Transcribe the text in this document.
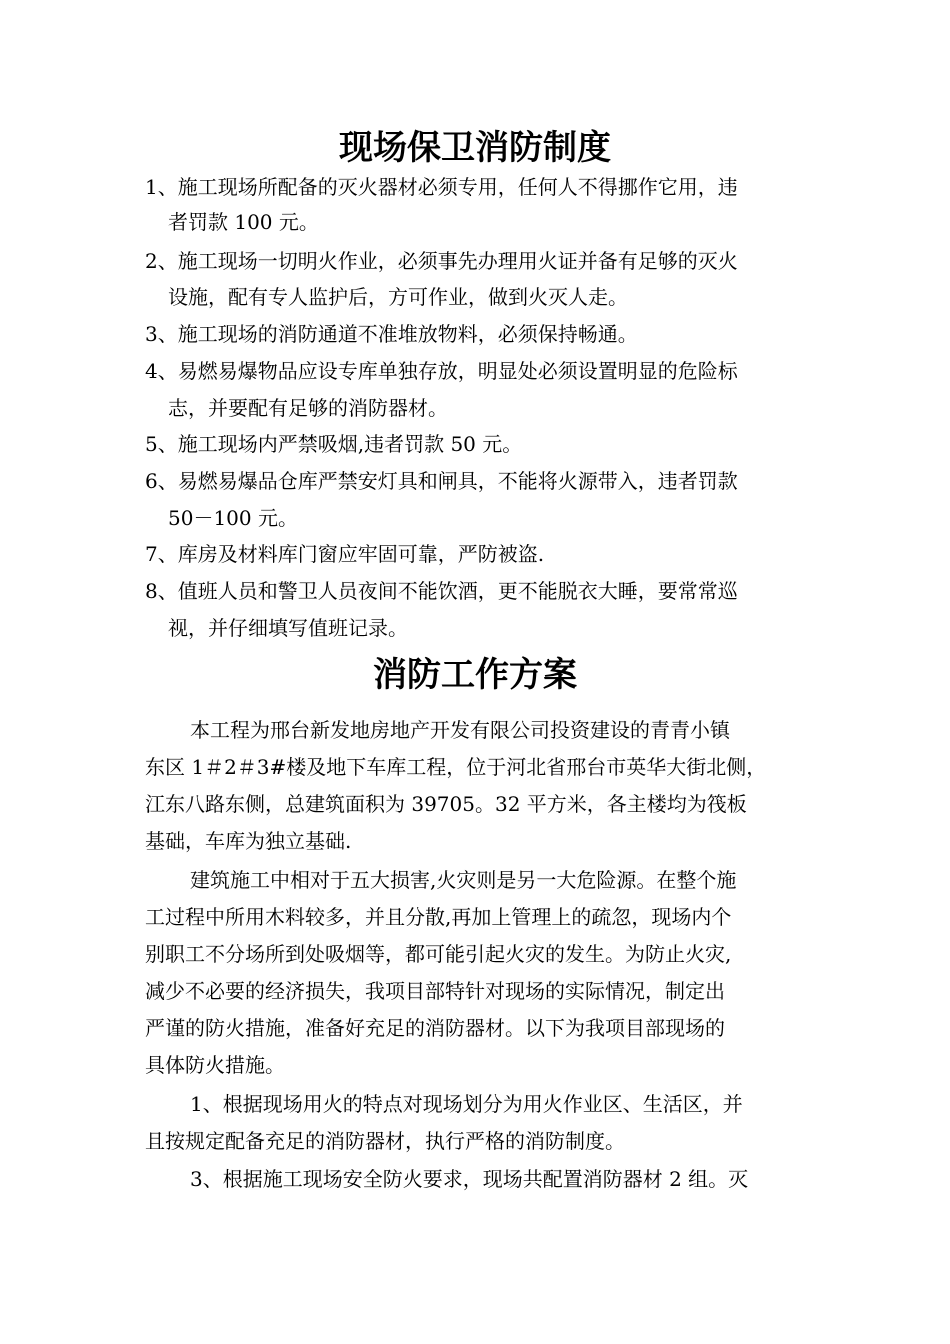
现场保卫消防制度
1、施工现场所配备的灭火器材必须专用，任何人不得挪作它用，违
者罚款 100 元。
2、施工现场一切明火作业，必须事先办理用火证并备有足够的灭火
设施，配有专人监护后，方可作业，做到火灭人走。
3、施工现场的消防通道不准堆放物料，必须保持畅通。
4、易燃易爆物品应设专库单独存放，明显处必须设置明显的危险标
志，并要配有足够的消防器材。
5、施工现场内严禁吸烟,违者罚款 50 元。
6、易燃易爆品仓库严禁安灯具和闸具，不能将火源带入，违者罚款
50－100 元。
7、库房及材料库门窗应牢固可靠，严防被盗.
8、值班人员和警卫人员夜间不能饮酒，更不能脱衣大睡，要常常巡
视，并仔细填写值班记录。
消防工作方案
本工程为邢台新发地房地产开发有限公司投资建设的青青小镇
东区 1＃2＃3#楼及地下车库工程，位于河北省邢台市英华大街北侧，
江东八路东侧，总建筑面积为 39705。32 平方米，各主楼均为筏板
基础，车库为独立基础.
建筑施工中相对于五大损害,火灾则是另一大危险源。在整个施
工过程中所用木料较多，并且分散,再加上管理上的疏忽，现场内个
别职工不分场所到处吸烟等，都可能引起火灾的发生。为防止火灾,
减少不必要的经济损失，我项目部特针对现场的实际情况，制定出
严谨的防火措施，准备好充足的消防器材。以下为我项目部现场的
具体防火措施。
1、根据现场用火的特点对现场划分为用火作业区、生活区，并
且按规定配备充足的消防器材，执行严格的消防制度。
3、根据施工现场安全防火要求，现场共配置消防器材 2 组。灭
